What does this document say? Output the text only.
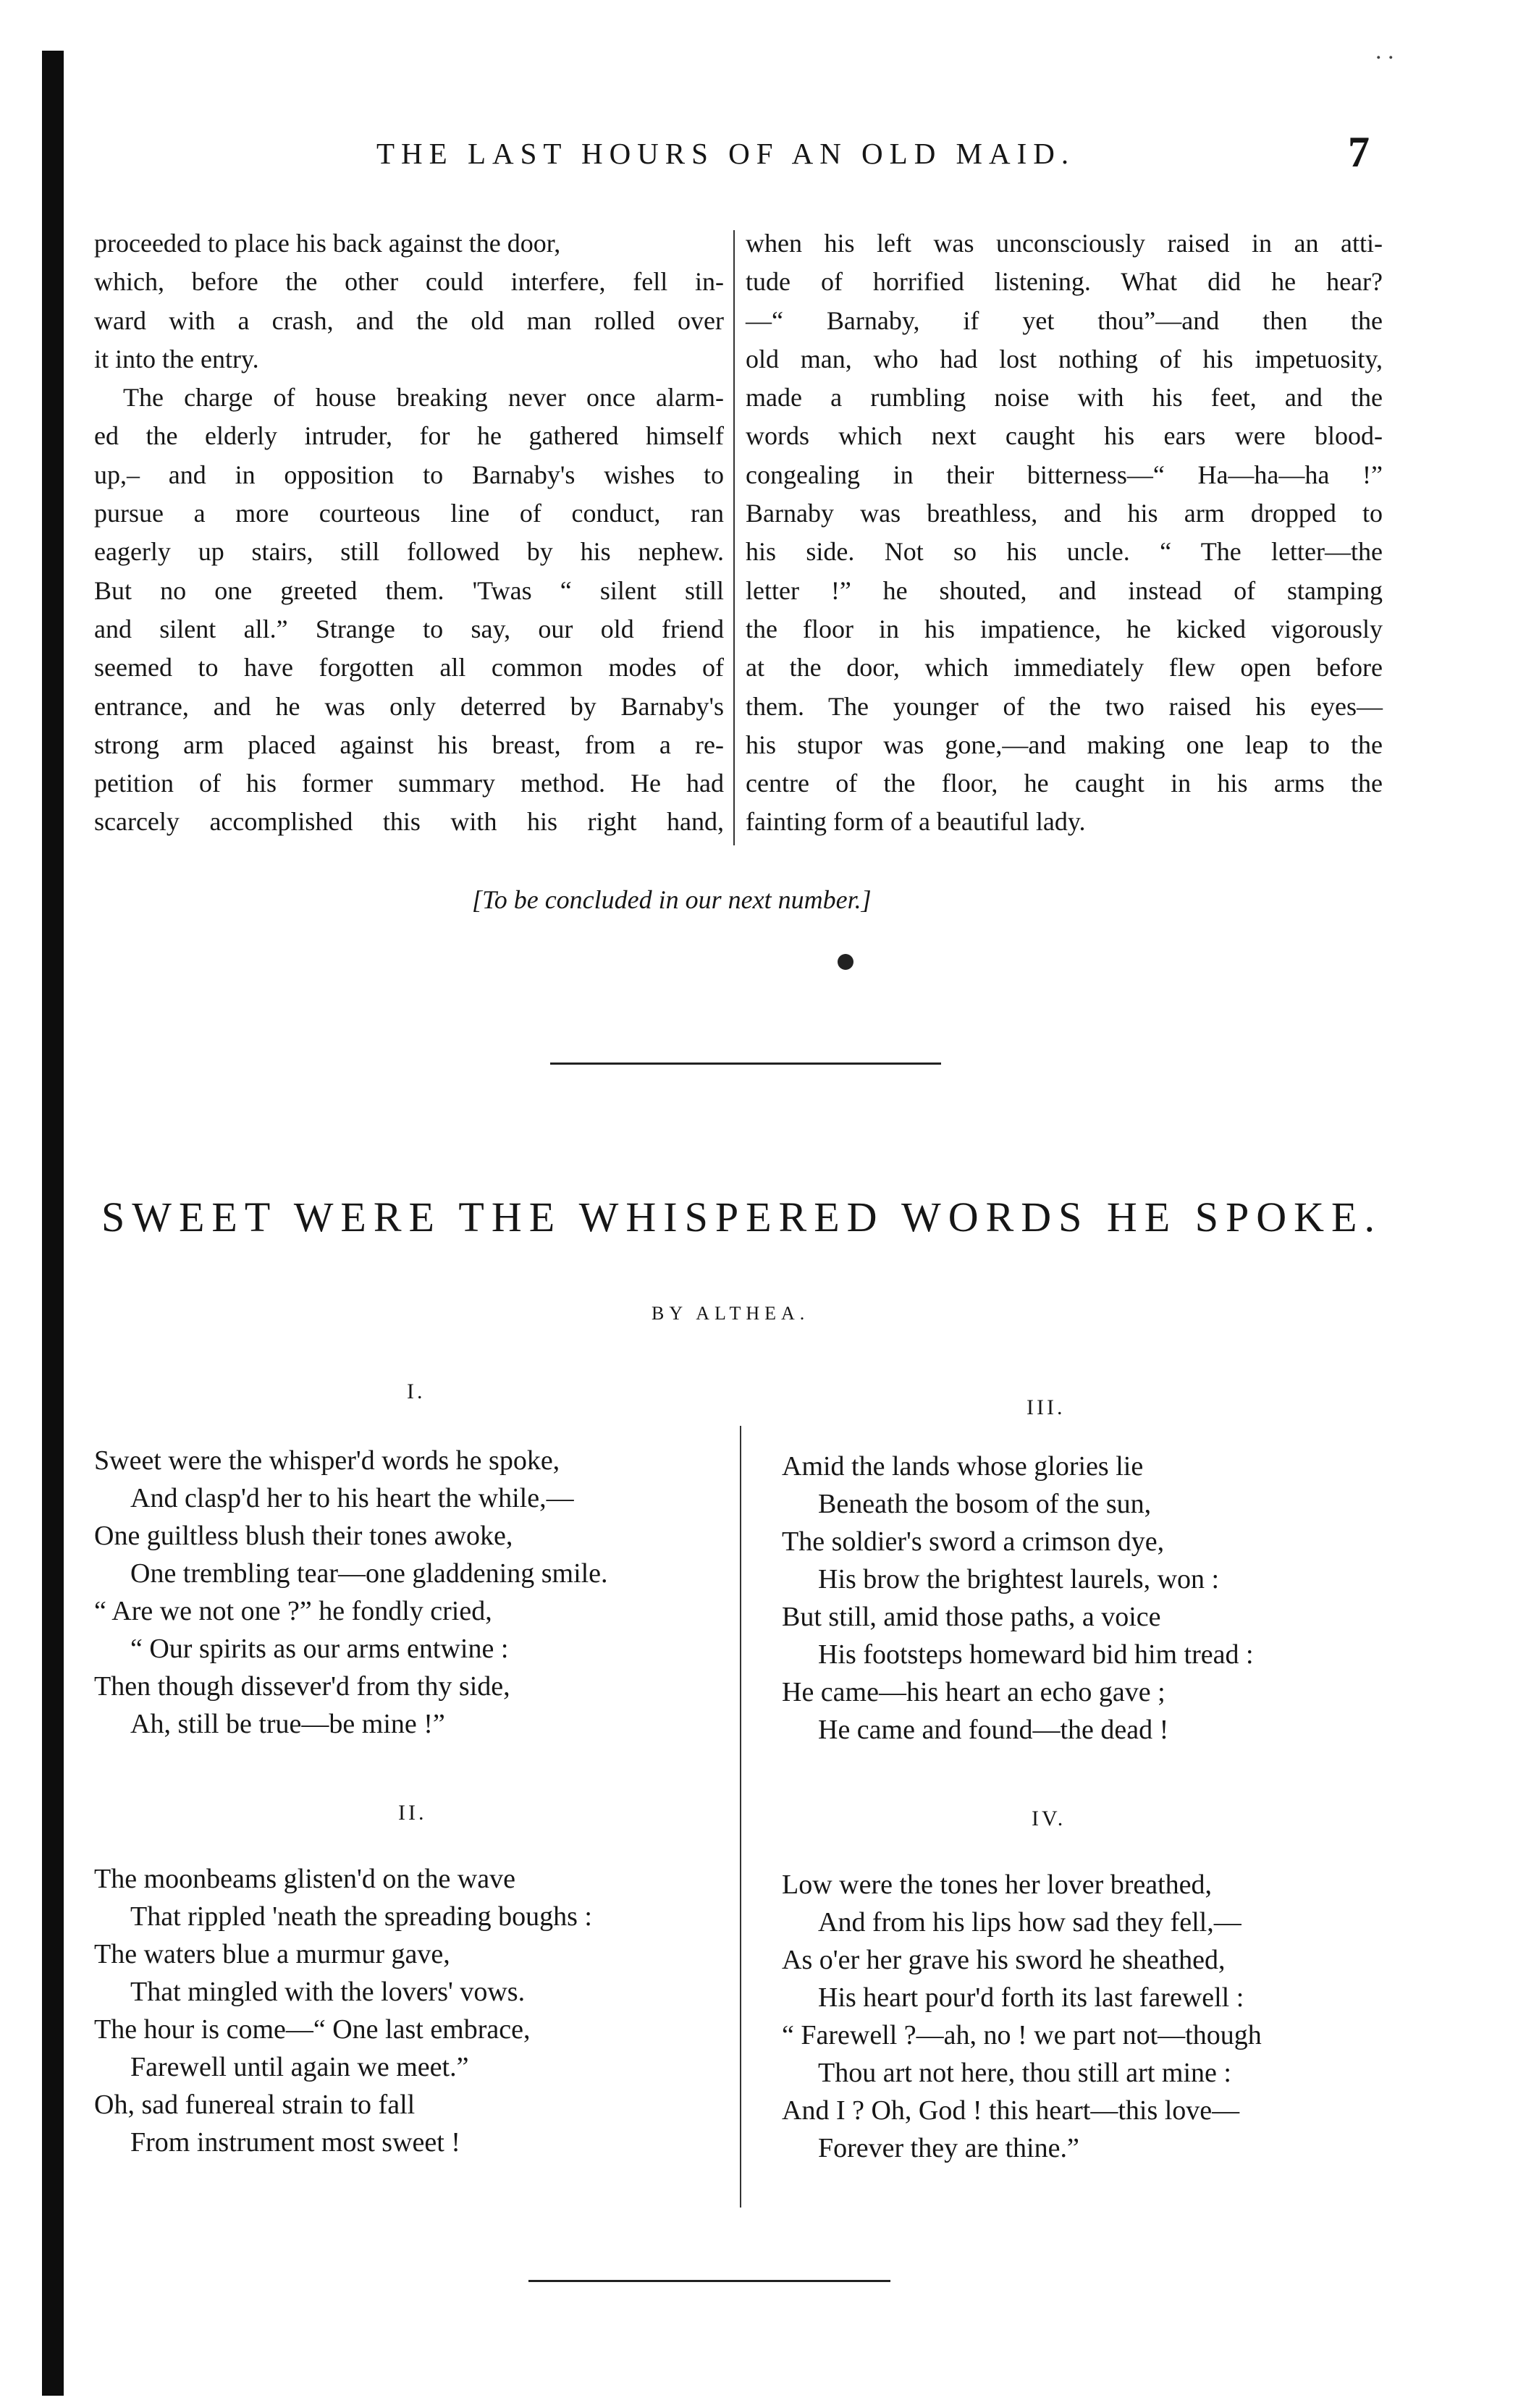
. .
THE LAST HOURS OF AN OLD MAID.	7
proceeded to place his back against the door,
which, before the other could interfere, fell in-
ward with a crash, and the old man rolled over
it into the entry.
The charge of house breaking never once alarm-
ed the elderly intruder, for he gathered himself
up,– and in opposition to Barnaby's wishes to
pursue a more courteous line of conduct, ran
eagerly up stairs, still followed by his nephew.
But no one greeted them. 'Twas “ silent still
and silent all.” Strange to say, our old friend
seemed to have forgotten all common modes of
entrance, and he was only deterred by Barnaby's
strong arm placed against his breast, from a re-
petition of his former summary method. He had
scarcely accomplished this with his right hand,
when his left was unconsciously raised in an atti-
tude of horrified listening. What did he hear?
—“ Barnaby, if yet thou”—and then the
old man, who had lost nothing of his impetuosity,
made a rumbling noise with his feet, and the
words which next caught his ears were blood-
congealing in their bitterness—“ Ha—ha—ha !”
Barnaby was breathless, and his arm dropped to
his side. Not so his uncle. “ The letter—the
letter !” he shouted, and instead of stamping
the floor in his impatience, he kicked vigorously
at the door, which immediately flew open before
them. The younger of the two raised his eyes—
his stupor was gone,—and making one leap to the
centre of the floor, he caught in his arms the
fainting form of a beautiful lady.
[To be concluded in our next number.]
SWEET WERE THE WHISPERED WORDS HE SPOKE.
BY ALTHEA.
I.
Sweet were the whisper'd words he spoke,
And clasp'd her to his heart the while,—
One guiltless blush their tones awoke,
One trembling tear—one gladdening smile.
“ Are we not one ?” he fondly cried,
“ Our spirits as our arms entwine :
Then though dissever'd from thy side,
Ah, still be true—be mine !”
II.
The moonbeams glisten'd on the wave
That rippled 'neath the spreading boughs :
The waters blue a murmur gave,
That mingled with the lovers' vows.
The hour is come—“ One last embrace,
Farewell until again we meet.”
Oh, sad funereal strain to fall
From instrument most sweet !
III.
Amid the lands whose glories lie
Beneath the bosom of the sun,
The soldier's sword a crimson dye,
His brow the brightest laurels, won :
But still, amid those paths, a voice
His footsteps homeward bid him tread :
He came—his heart an echo gave ;
He came and found—the dead !
IV.
Low were the tones her lover breathed,
And from his lips how sad they fell,—
As o'er her grave his sword he sheathed,
His heart pour'd forth its last farewell :
“ Farewell ?—ah, no ! we part not—though
Thou art not here, thou still art mine :
And I ? Oh, God ! this heart—this love—
Forever they are thine.”
